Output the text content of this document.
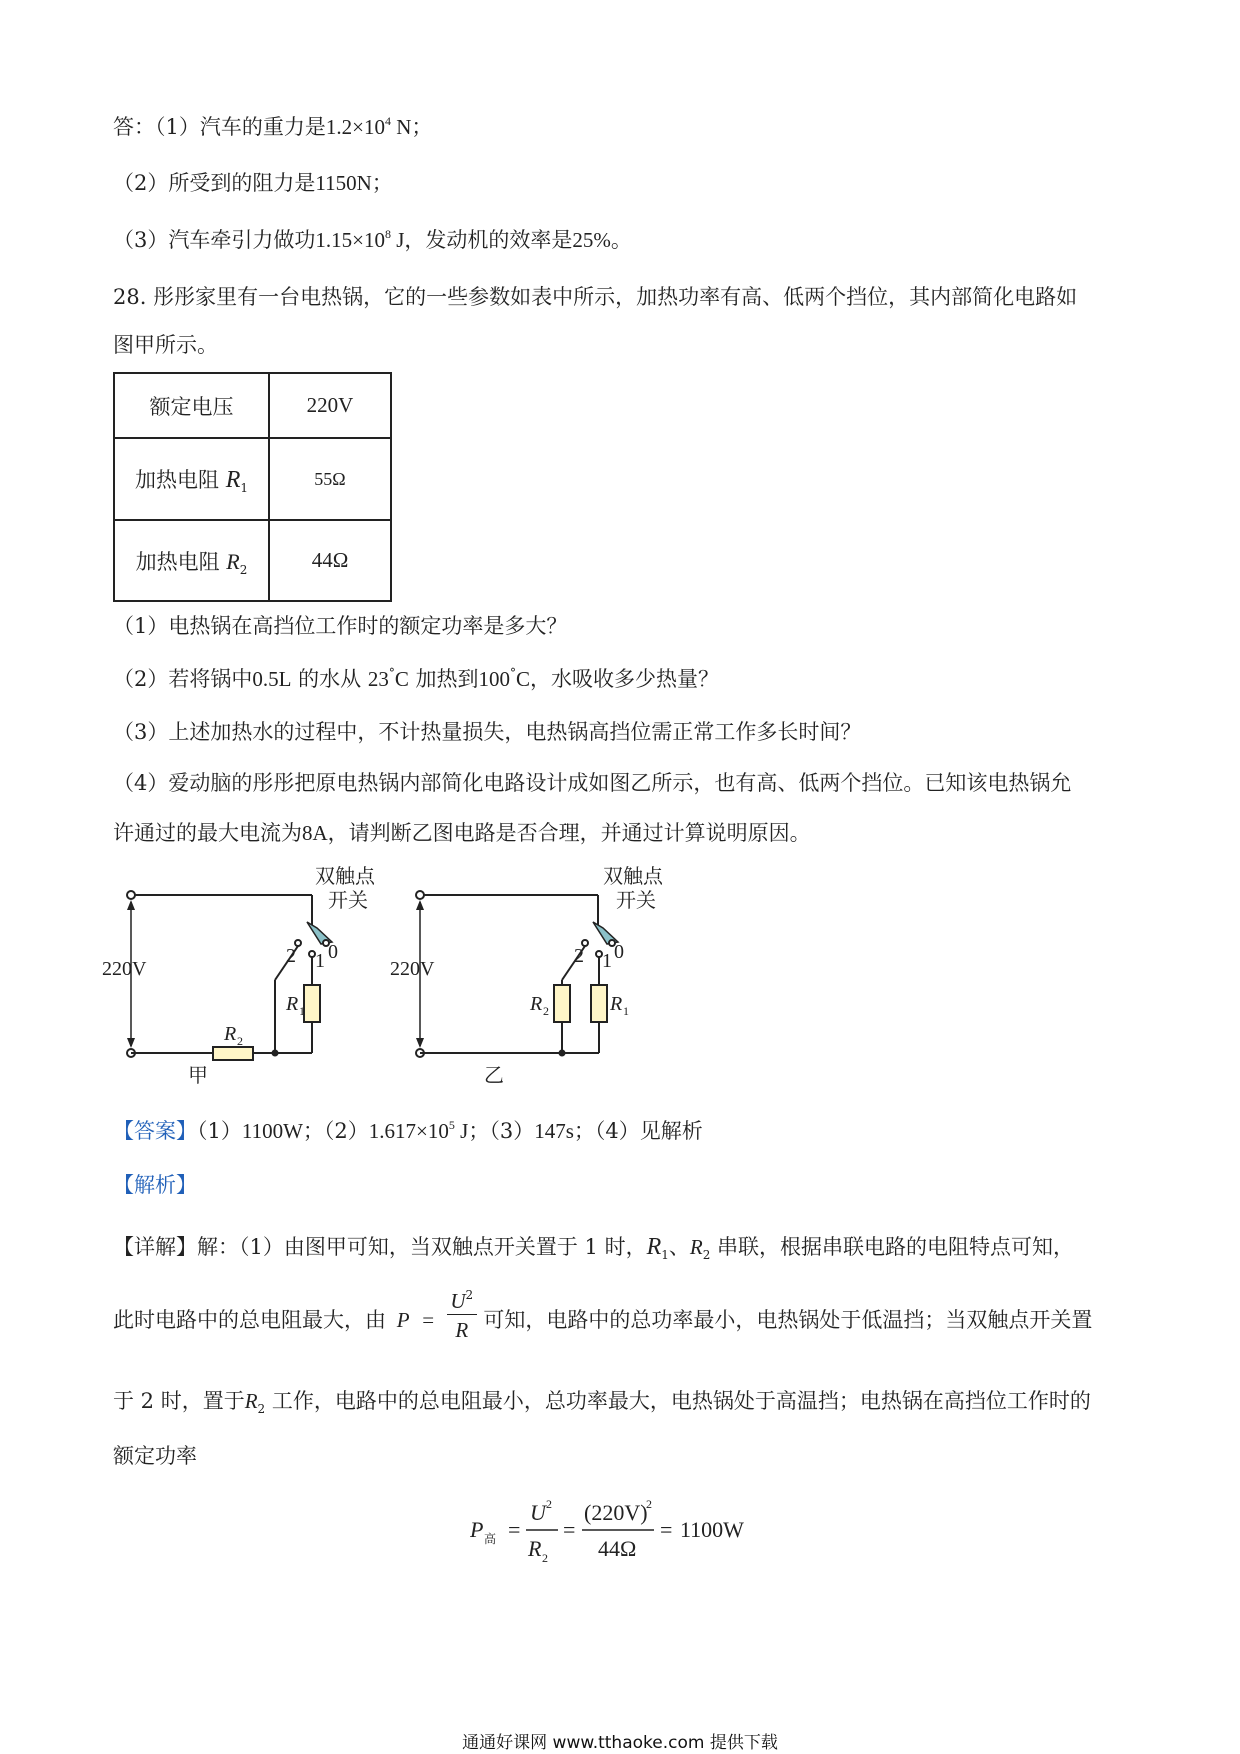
答：（1）汽车的重力是$1.2\times 10^4$ N；
（2）所受到的阻力是1150N；
（3）汽车牵引力做功$1.15\times 10^8$ J，发动机的效率是25%。
28. 彤彤家里有一台电热锅，它的一些参数如表中所示，加热功率有高、低两个挡位，其内部简化电路如
图甲所示。
额定电压	220V
加热电阻 $R_1$	55Ω
加热电阻 $R_2$	44Ω
（1）电热锅在高挡位工作时的额定功率是多大？
（2）若将锅中0.5L 的水从 23°C 加热到100°C，水吸收多少热量？
（3）上述加热水的过程中，不计热量损失，电热锅高挡位需正常工作多长时间？
（4）爱动脑的彤彤把原电热锅内部简化电路设计成如图乙所示，也有高、低两个挡位。已知该电热锅允
许通过的最大电流为8A，请判断乙图电路是否合理，并通过计算说明原因。
双触点
开关
220V
0
1
2
R 1
R 2
甲
双触点
开关
220V
0
1
2
R 2	R 1
乙
【答案】（1）1100W；$(2)1.617\times 10^5$ J；（3）147s；（4）见解析
【解析】
【详解】解：（1）由图甲可知，当双触点开关置于 1 时，$R_1$、$R_2$ 串联，根据串联电路的电阻特点可知，
此时电路中的总电阻最大，由 $P = \frac{U^2}{R}$ 可知，电路中的总功率最小，电热锅处于低温挡；当双触点开关置
于 2 时，置于$R_2$ 工作，电路中的总电阻最小，总功率最大，电热锅处于高温挡；电热锅在高挡位工作时的
额定功率
P 高 =
U 2
R 2
=
(220V)
2
44Ω
= 1100W
通通好课网 www.tthaoke.com 提供下载
